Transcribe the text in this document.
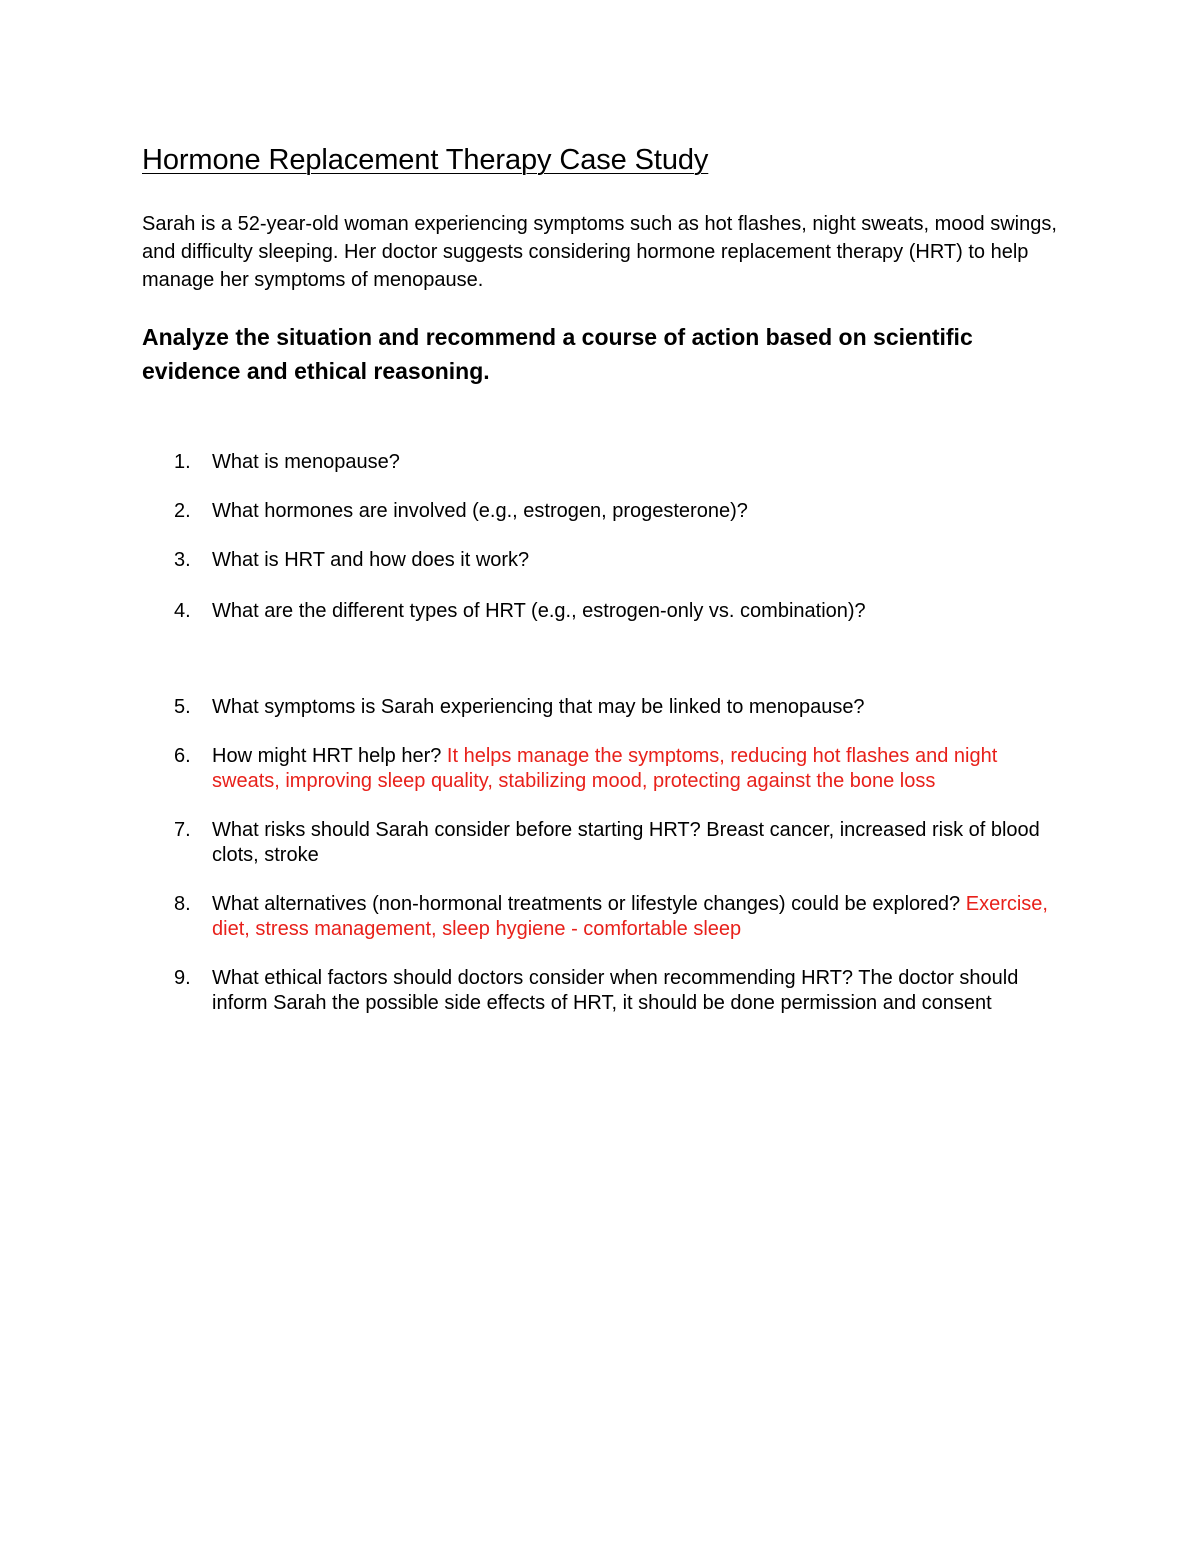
Hormone Replacement Therapy Case Study

Sarah is a 52-year-old woman experiencing symptoms such as hot flashes, night sweats, mood swings, and difficulty sleeping. Her doctor suggests considering hormone replacement therapy (HRT) to help manage her symptoms of menopause.

Analyze the situation and recommend a course of action based on scientific evidence and ethical reasoning.

1.	What is menopause?
2.	What hormones are involved (e.g., estrogen, progesterone)?
3.	What is HRT and how does it work?
4.	What are the different types of HRT (e.g., estrogen-only vs. combination)?
5.	What symptoms is Sarah experiencing that may be linked to menopause?
6.	How might HRT help her? It helps manage the symptoms, reducing hot flashes and night sweats, improving sleep quality, stabilizing mood, protecting against the bone loss
7.	What risks should Sarah consider before starting HRT? Breast cancer, increased risk of blood clots, stroke
8.	What alternatives (non-hormonal treatments or lifestyle changes) could be explored? Exercise, diet, stress management, sleep hygiene - comfortable sleep
9.	What ethical factors should doctors consider when recommending HRT? The doctor should inform Sarah the possible side effects of HRT, it should be done permission and consent
